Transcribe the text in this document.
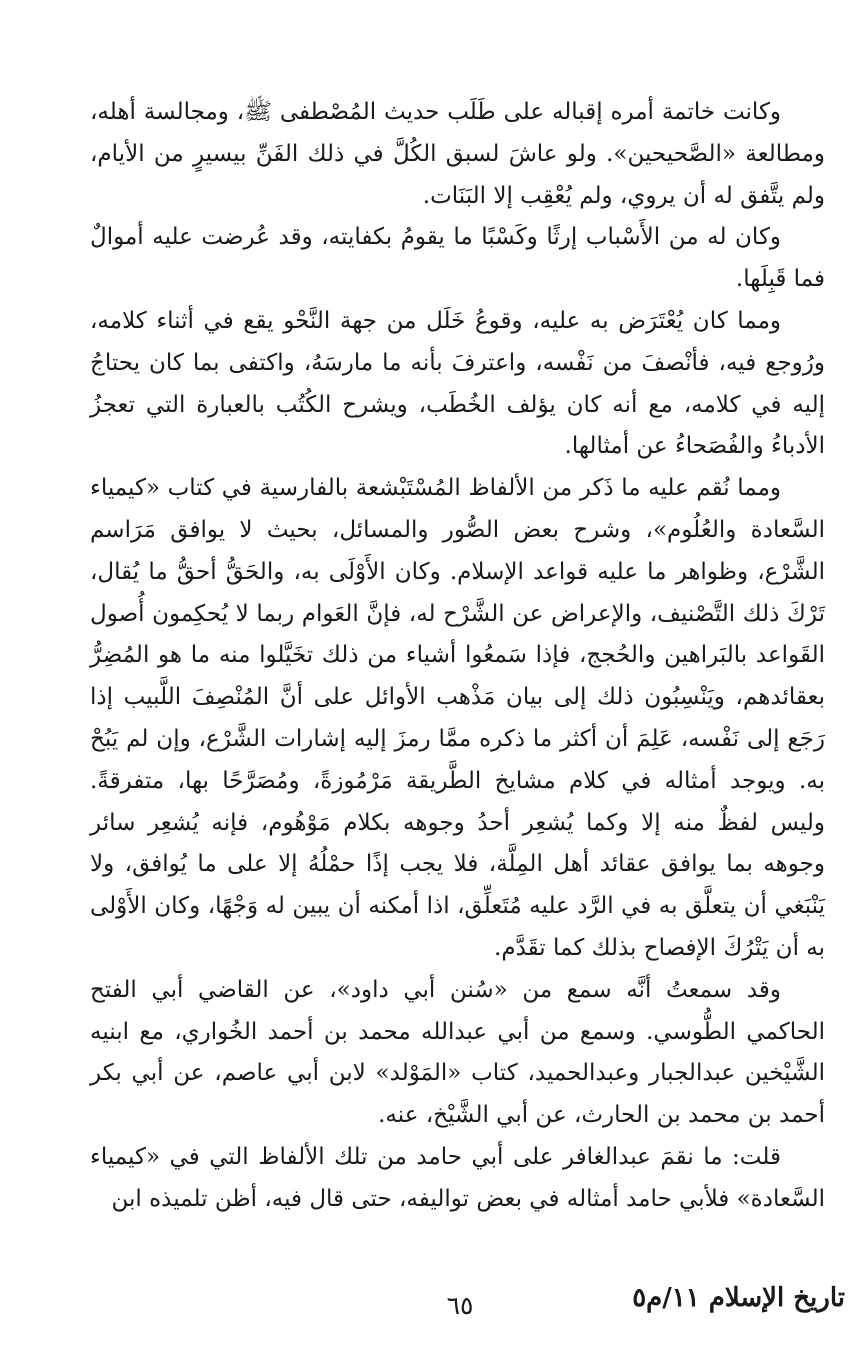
وكانت خاتمة أمره إقباله على طَلَب حديث المُصْطفى ﷺ، ومجالسة أهله، ومطالعة «الصَّحيحين». ولو عاشَ لسبق الكُلَّ في ذلك الفَنِّ بيسيرٍ من الأيام، ولم يتَّفق له أن يروي، ولم يُعْقِب إلا البَنَات.

وكان له من الأَسْباب إرثًا وكَسْبًا ما يقومُ بكفايته، وقد عُرضت عليه أموالٌ فما قَبِلَها.

ومما كان يُعْتَرَض به عليه، وقوعُ خَلَل من جهة النَّحْو يقع في أثناء كلامه، ورُوجع فيه، فأنْصفَ من نَفْسه، واعترفَ بأنه ما مارسَهُ، واكتفى بما كان يحتاجُ إليه في كلامه، مع أنه كان يؤلف الخُطَب، ويشرح الكُتُب بالعبارة التي تعجزُ الأدباءُ والفُصَحاءُ عن أمثالها.

ومما نُقم عليه ما ذَكر من الألفاظ المُسْتَبْشعة بالفارسية في كتاب «كيمياء السَّعادة والعُلُوم»، وشرح بعض الصُّور والمسائل، بحيث لا يوافق مَرَاسم الشَّرْع، وظواهر ما عليه قواعد الإسلام. وكان الأَوْلَى به، والحَقُّ أحقُّ ما يُقال، تَرْكَ ذلك التَّصْنيف، والإعراض عن الشَّرْح له، فإنَّ العَوام ربما لا يُحكِمون أُصول القَواعد بالبَراهين والحُجج، فإذا سَمعُوا أشياء من ذلك تخَيَّلوا منه ما هو المُضِرُّ بعقائدهم، ويَنْسِبُون ذلك إلى بيان مَذْهب الأوائل على أنَّ المُنْصِفَ اللَّبيب إذا رَجَع إلى نَفْسه، عَلِمَ أن أكثر ما ذكره ممَّا رمزَ إليه إشارات الشَّرْع، وإن لم يَبُحْ به. ويوجد أمثاله في كلام مشايخ الطَّريقة مَرْمُوزةً، ومُصَرَّحًا بها، متفرقةً. وليس لفظٌ منه إلا وكما يُشعِر أحدُ وجوهه بكلام مَوْهُوم، فإنه يُشعِر سائر وجوهه بما يوافق عقائد أهل المِلَّة، فلا يجب إذًا حمْلُهُ إلا على ما يُوافق، ولا يَنْبَغي أن يتعلَّق به في الرَّد عليه مُتَعلِّق، اذا أمكنه أن يبين له وَجْهًا، وكان الأَوْلى به أن يَتْرُكَ الإفصاح بذلك كما تقَدَّم.

وقد سمعتُ أنَّه سمع من «سُنن أبي داود»، عن القاضي أبي الفتح الحاكمي الطُّوسي. وسمع من أبي عبدالله محمد بن أحمد الخُواري، مع ابنيه الشَّيْخين عبدالجبار وعبدالحميد، كتاب «المَوْلد» لابن أبي عاصم، عن أبي بكر أحمد بن محمد بن الحارث، عن أبي الشَّيْخ، عنه.

قلت: ما نقمَ عبدالغافر على أبي حامد من تلك الألفاظ التي في «كيمياء السَّعادة» فلأبي حامد أمثاله في بعض تواليفه، حتى قال فيه، أظن تلميذه ابن

تاريخ الإسلام ١١/م٥
٦٥
